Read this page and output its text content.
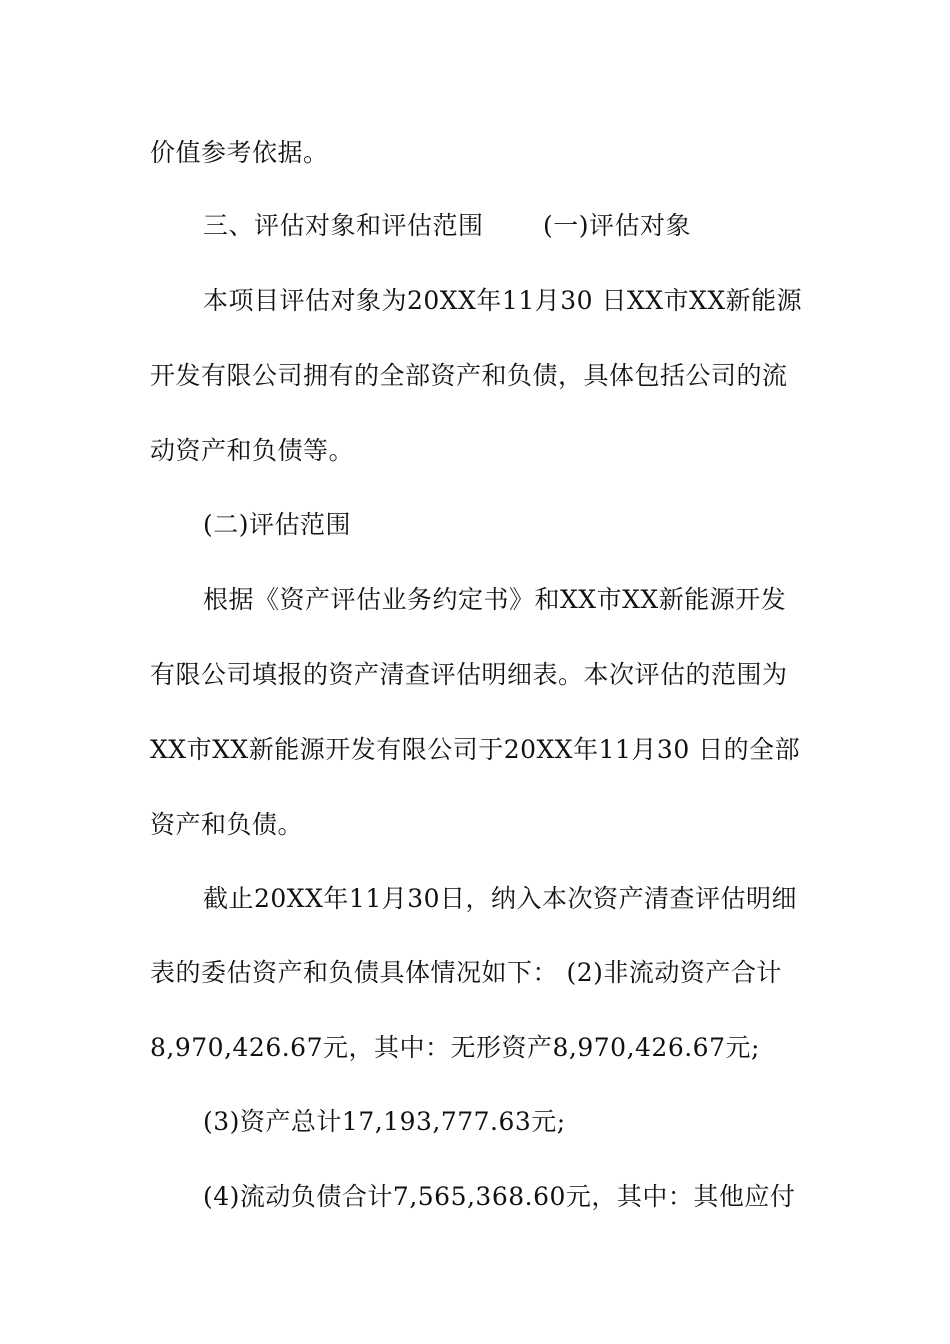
价值参考依据。
三、评估对象和评估范围　　 (一)评估对象
本项目评估对象为20XX年11月30 日XX市XX新能源
开发有限公司拥有的全部资产和负债，具体包括公司的流
动资产和负债等。
(二)评估范围
根据《资产评估业务约定书》和XX市XX新能源开发
有限公司填报的资产清查评估明细表。本次评估的范围为
XX市XX新能源开发有限公司于20XX年11月30 日的全部
资产和负债。
截止20XX年11月30日，纳入本次资产清查评估明细
表的委估资产和负债具体情况如下： (2)非流动资产合计
8,970,426.67元，其中：无形资产8,970,426.67元;
(3)资产总计17,193,777.63元;
(4)流动负债合计7,565,368.60元，其中：其他应付
